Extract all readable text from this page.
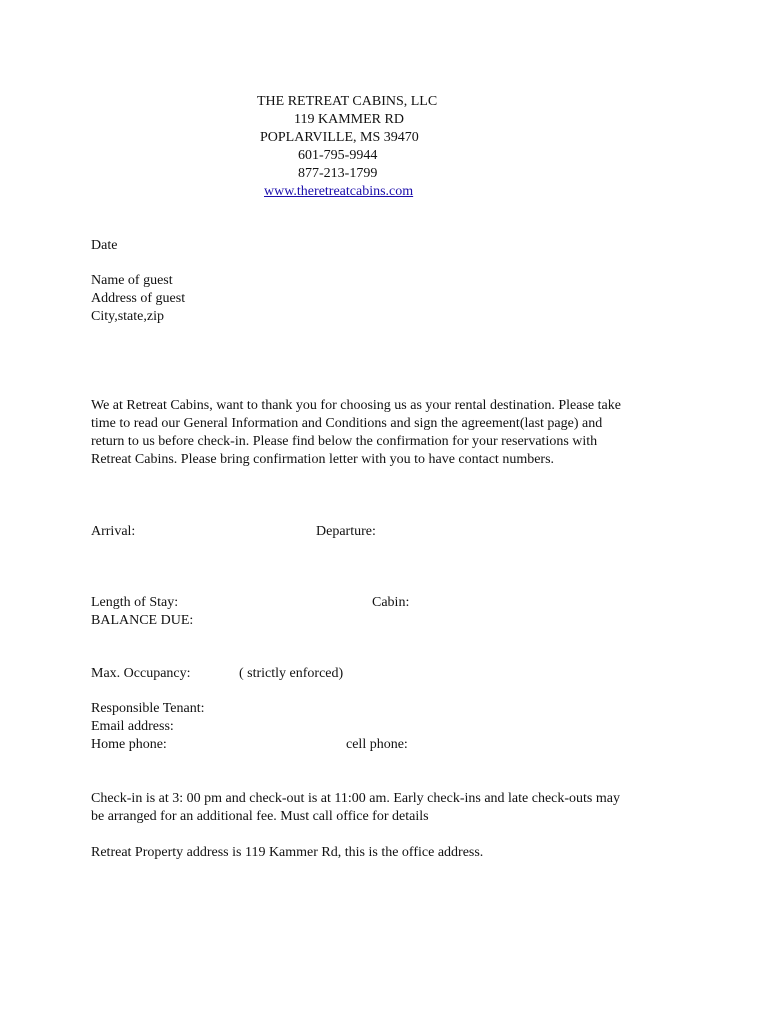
THE RETREAT CABINS, LLC
119 KAMMER RD
POPLARVILLE, MS 39470
601-795-9944
877-213-1799
www.theretreatcabins.com
Date
Name of guest
Address of guest
City,state,zip
We at Retreat Cabins, want to thank you for choosing us as your rental destination. Please take
time to read our General Information and Conditions and sign the agreement(last page) and
return to us before check-in. Please find below the confirmation for your reservations with
Retreat Cabins. Please bring confirmation letter with you to have contact numbers.
Arrival:	Departure:
Length of Stay:	Cabin:
BALANCE DUE:
Max. Occupancy:	( strictly enforced)
Responsible Tenant:
Email address:
Home phone:	cell phone:
Check-in is at 3: 00 pm and check-out is at 11:00 am. Early check-ins and late check-outs may
be arranged for an additional fee. Must call office for details
Retreat Property address is 119 Kammer Rd, this is the office address.
